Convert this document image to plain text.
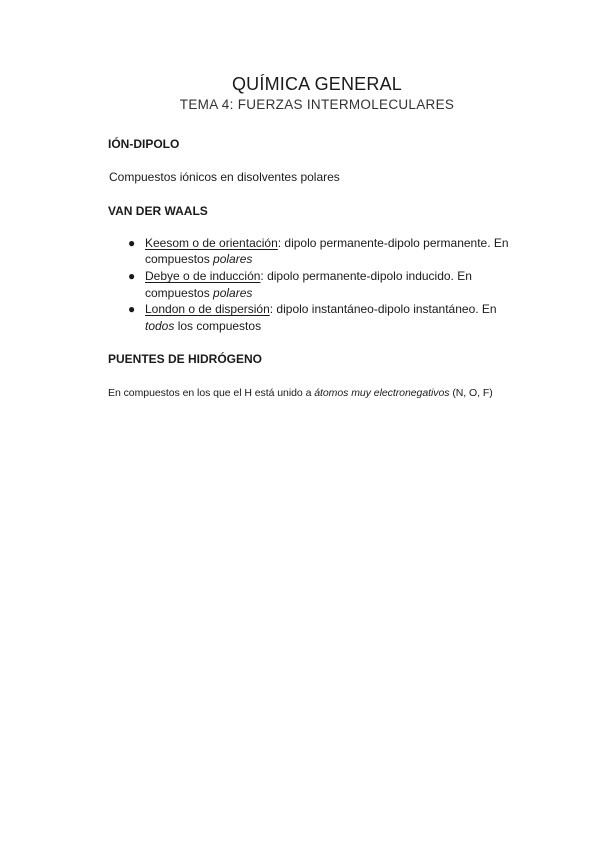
QUÍMICA GENERAL
TEMA 4: FUERZAS INTERMOLECULARES
IÓN-DIPOLO
Compuestos iónicos en disolventes polares
VAN DER WAALS
● Keesom o de orientación: dipolo permanente-dipolo permanente. En
compuestos polares
● Debye o de inducción: dipolo permanente-dipolo inducido. En
compuestos polares
● London o de dispersión: dipolo instantáneo-dipolo instantáneo. En
todos los compuestos
PUENTES DE HIDRÓGENO
En compuestos en los que el H está unido a átomos muy electronegativos (N, O, F)
